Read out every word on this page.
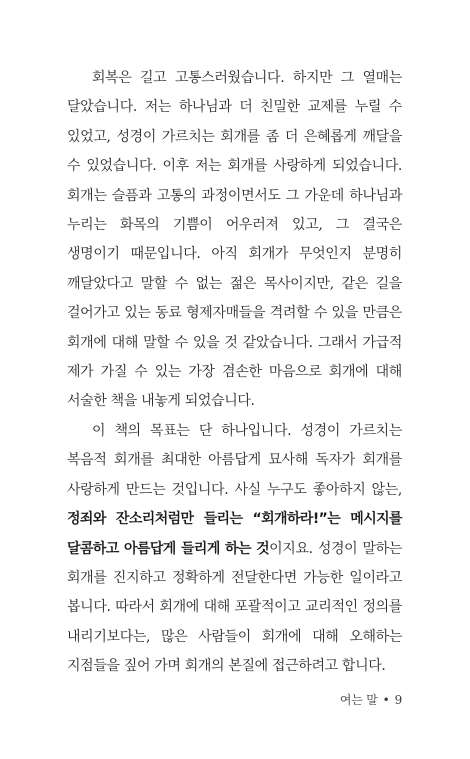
회복은 길고 고통스러웠습니다. 하지만 그 열매는 달았습니다. 저는 하나님과 더 친밀한 교제를 누릴 수 있었고, 성경이 가르치는 회개를 좀 더 은혜롭게 깨달을 수 있었습니다. 이후 저는 회개를 사랑하게 되었습니다. 회개는 슬픔과 고통의 과정이면서도 그 가운데 하나님과 누리는 화목의 기쁨이 어우러져 있고, 그 결국은 생명이기 때문입니다. 아직 회개가 무엇인지 분명히 깨달았다고 말할 수 없는 젊은 목사이지만, 같은 길을 걸어가고 있는 동료 형제자매들을 격려할 수 있을 만큼은 회개에 대해 말할 수 있을 것 같았습니다. 그래서 가급적 제가 가질 수 있는 가장 겸손한 마음으로 회개에 대해 서술한 책을 내놓게 되었습니다.

이 책의 목표는 단 하나입니다. 성경이 가르치는 복음적 회개를 최대한 아름답게 묘사해 독자가 회개를 사랑하게 만드는 것입니다. 사실 누구도 좋아하지 않는, 정죄와 잔소리처럼만 들리는 “회개하라!”는 메시지를 달콤하고 아름답게 들리게 하는 것이지요. 성경이 말하는 회개를 진지하고 정확하게 전달한다면 가능한 일이라고 봅니다. 따라서 회개에 대해 포괄적이고 교리적인 정의를 내리기보다는, 많은 사람들이 회개에 대해 오해하는 지점들을 짚어 가며 회개의 본질에 접근하려고 합니다.

여는 말 • 9
